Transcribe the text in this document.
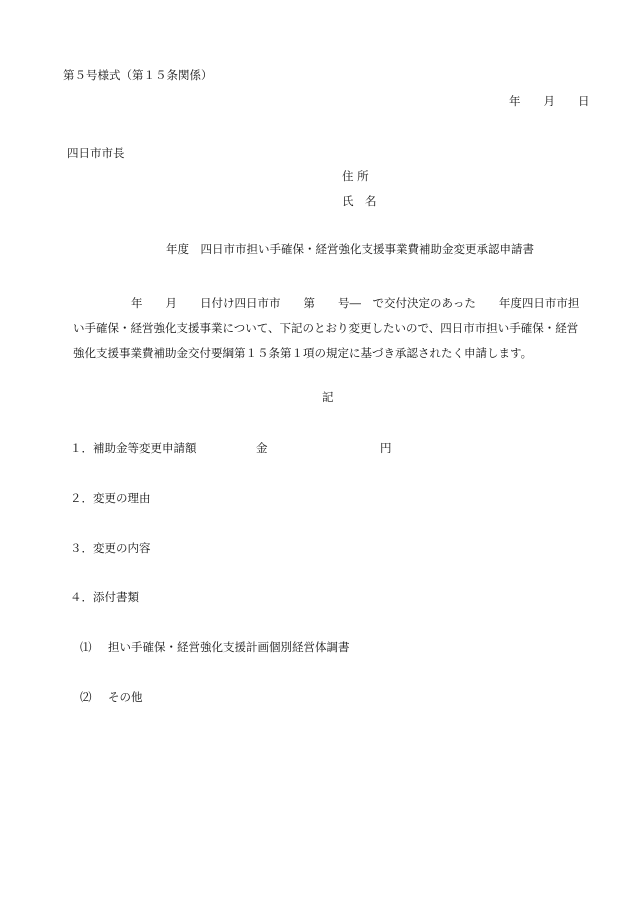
第５号様式（第１５条関係）
年　　月　　日
四日市市長
住 所
氏　名
年度　四日市市担い手確保・経営強化支援事業費補助金変更承認申請書
年　　月　　日付け四日市市　　第　　号―　で交付決定のあった　　年度四日市市担
い手確保・経営強化支援事業について、下記のとおり変更したいので、四日市市担い手確保・経営
強化支援事業費補助金交付要綱第１５条第１項の規定に基づき承認されたく申請します。
記
１．補助金等変更申請額	金	円
２．変更の理由
３．変更の内容
４．添付書類
⑴ 担い手確保・経営強化支援計画個別経営体調書
⑵ その他
